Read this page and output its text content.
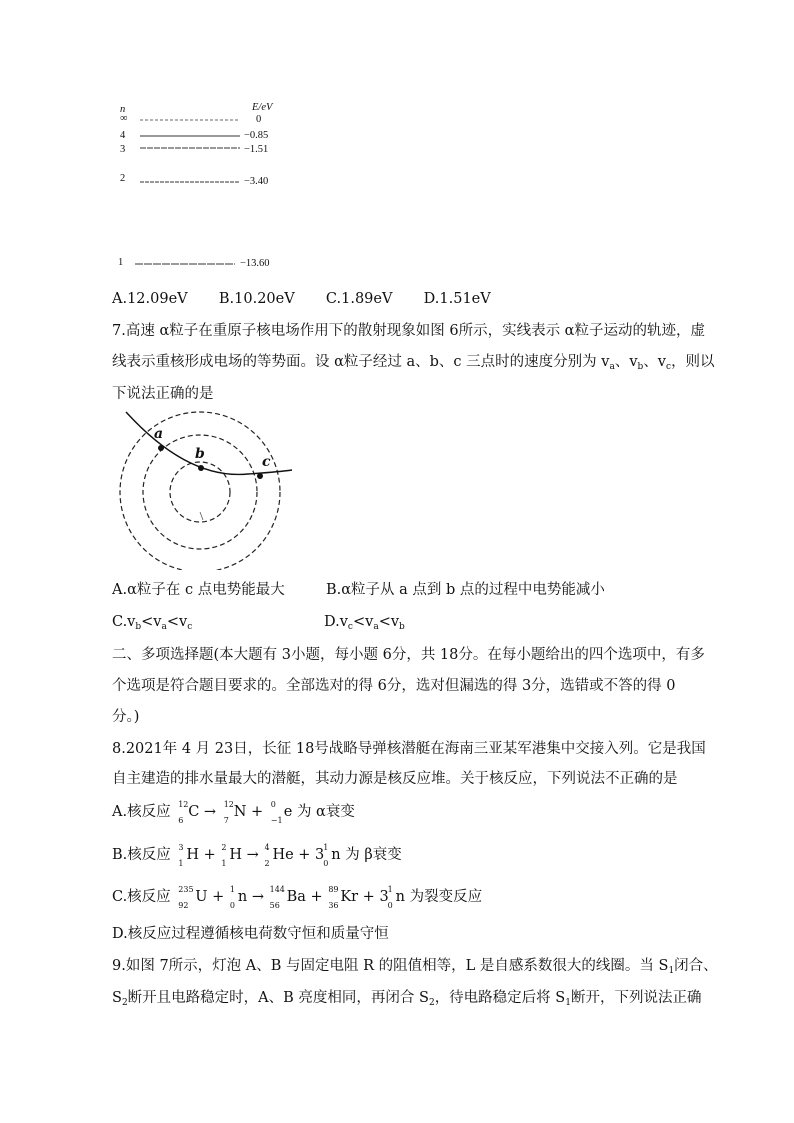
n	E/eV
∞	0
4	−0.85
3	−1.51
2	−3.40
1	−13.60
A.12.09eV B.10.20eV C.1.89eV D.1.51eV
7.高速 α粒子在重原子核电场作用下的散射现象如图 6所示，实线表示 α粒子运动的轨迹，虚
线表示重核形成电场的等势面。设 α粒子经过 a、b、c 三点时的速度分别为 $v_a$、$v_b$、$v_c$，则以
下说法正确的是
a
b	c
A.α粒子在 c 点电势能最大	B.α粒子从 a 点到 b 点的过程中电势能减小
$C.v_b<v_a<v_c$	$D.v_c<v_a<v_b$
二、多项选择题(本大题有 3小题，每小题 6分，共 18分。在每小题给出的四个选项中，有多
个选项是符合题目要求的。全部选对的得 6分，选对但漏选的得 3分，选错或不答的得 0
分。)
8.2021年 4 月 23日，长征 18号战略导弹核潜艇在海南三亚某军港集中交接入列。它是我国
自主建造的排水量最大的潜艇，其动力源是核反应堆。关于核反应，下列说法不正确的是
A.核反应 12
6
C → 12
7
N + 0
−1
e 为 α衰变
B.核反应 3
1
H + 2
1
H → 4
2
He + 3 1
0
n 为 β衰变
C.核反应 235
92
U + 1
0
n → 144
56
Ba + 89
36
Kr + 3 1
0
n 为裂变反应
D.核反应过程遵循核电荷数守恒和质量守恒
9.如图 7所示，灯泡 A、B 与固定电阻 R 的阻值相等，L 是自感系数很大的线圈。当 $S_1$闭合、
$S_2$断开且电路稳定时，A、B 亮度相同，再闭合 $S_2$，待电路稳定后将 $S_1$断开，下列说法正确
